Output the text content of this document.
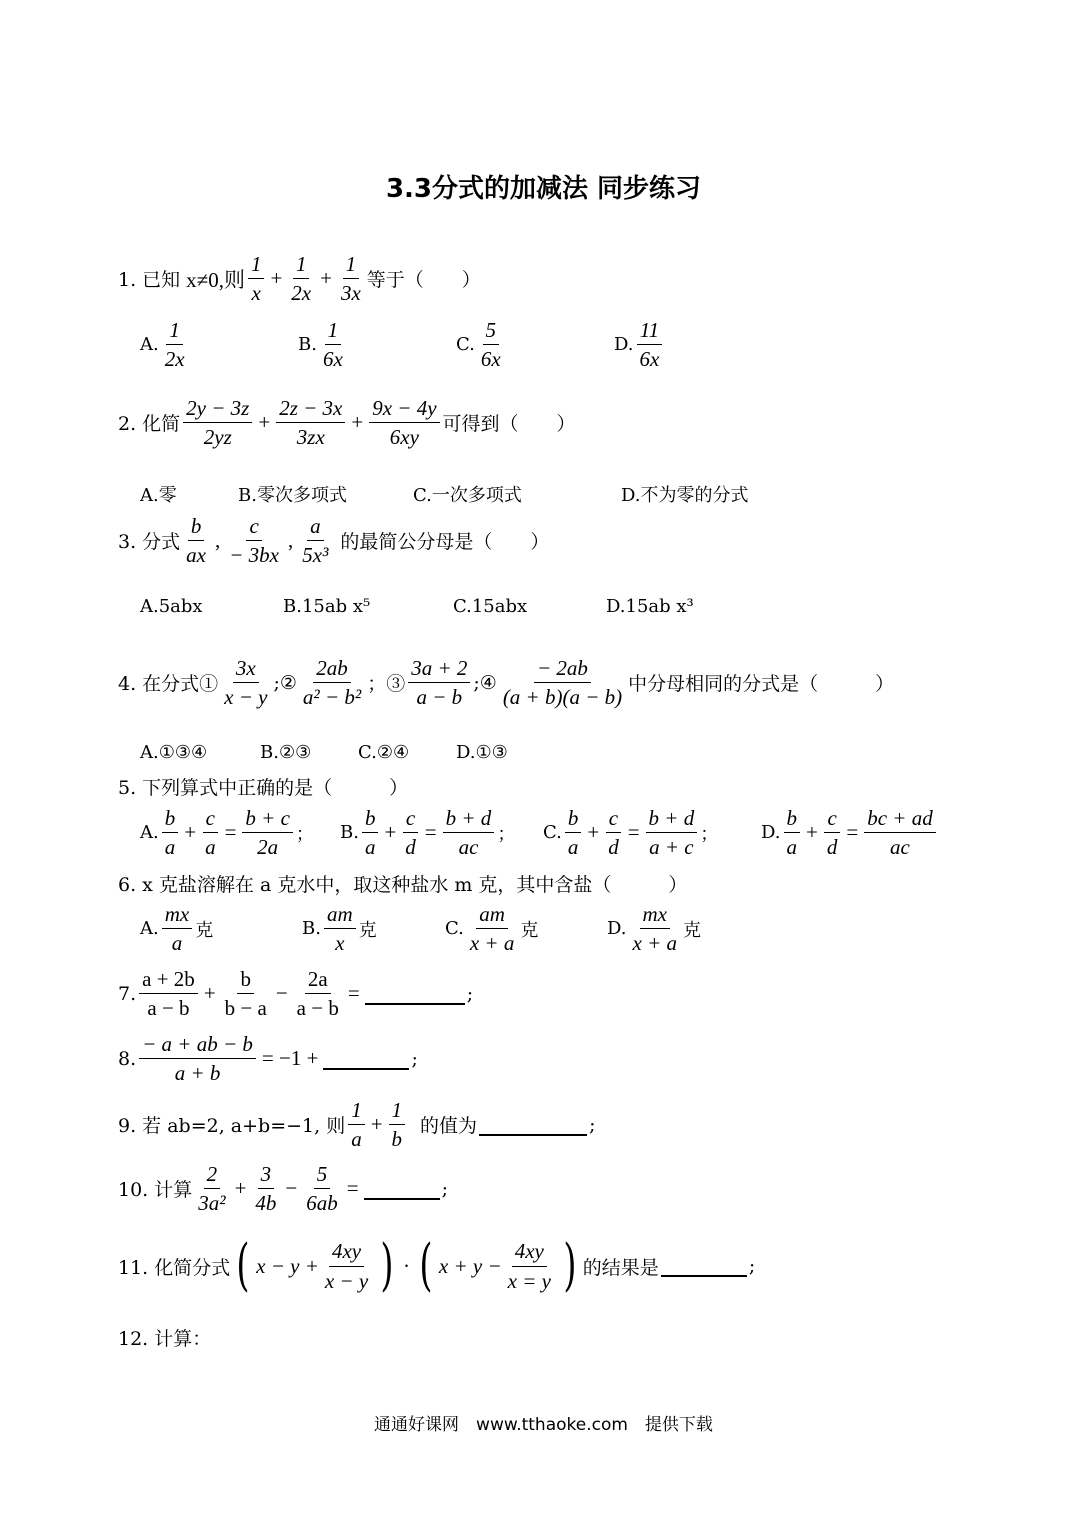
3.3分式的加减法 同步练习
1. 已知 x≠0,则 $\frac{1}{x} + \frac{1}{2x} + \frac{1}{3x}$ 等于（　　）
A. $\frac{1}{2x}$	B. $\frac{1}{6x}$	C. $\frac{5}{6x}$	D. $\frac{11}{6x}$
2. 化简 $\frac{2y - 3z}{2yz} + \frac{2z - 3x}{3zx} + \frac{9x - 4y}{6xy}$ 可得到（　　）
A.零	B.零次多项式	C.一次多项式	D.不为零的分式
3. 分式 $\frac{b}{ax}$ , $\frac{c}{- 3bx}$ , $\frac{a}{\text{5x³}}$ 的最简公分母是（　　）
A.5abx	B.15ab x⁵	C.15abx	D.15ab x³
4. 在分式① $\frac{3x}{x - y}$ ;② $\frac{2ab}{\text{a² − b²}}$ ；③ $\frac{3a + 2}{a - b}$ ;④ $\frac{- 2ab}{(a + b)(a - b)}$ 中分母相同的分式是（　　　）
A.①③④	B.②③	C.②④	D.①③
5. 下列算式中正确的是（　　　）
A. $\frac{b}{a} + \frac{c}{a} = \frac{b + c}{2a}$ ； B. $\frac{b}{a} + \frac{c}{d} = \frac{b + d}{ac}$ ； C. $\frac{b}{a} + \frac{c}{d} = \frac{b + d}{a + c}$ ； D. $\frac{b}{a} + \frac{c}{d} = \frac{bc + ad}{ac}$
6. x 克盐溶解在 a 克水中，取这种盐水 m 克，其中含盐（　　　）
A. $\frac{mx}{a}$ 克	B. $\frac{am}{x}$ 克	C. $\frac{am}{x + a}$ 克	D. $\frac{mx}{x + a}$ 克
7. $\frac{a + 2b}{a - b} + \frac{b}{b - a} - \frac{2a}{a - b}$ =	;
8. $\frac{- a + ab - b}{a + b} = -1$ +	;
9. 若 ab=2, a+b=−1, 则 $\frac{1}{a} + \frac{1}{b}$ 的值为	;
10. 计算 $\frac{2}{\text{3a²}} + \frac{3}{4b} - \frac{5}{6ab}$ =	;
11. 化简分式 ( $x - y + \frac{4xy}{x - y}$ ) · ( $x + y - \frac{4xy}{x = y}$ ) 的结果是	;
12. 计算：
通通好课网　www.tthaoke.com　提供下载
